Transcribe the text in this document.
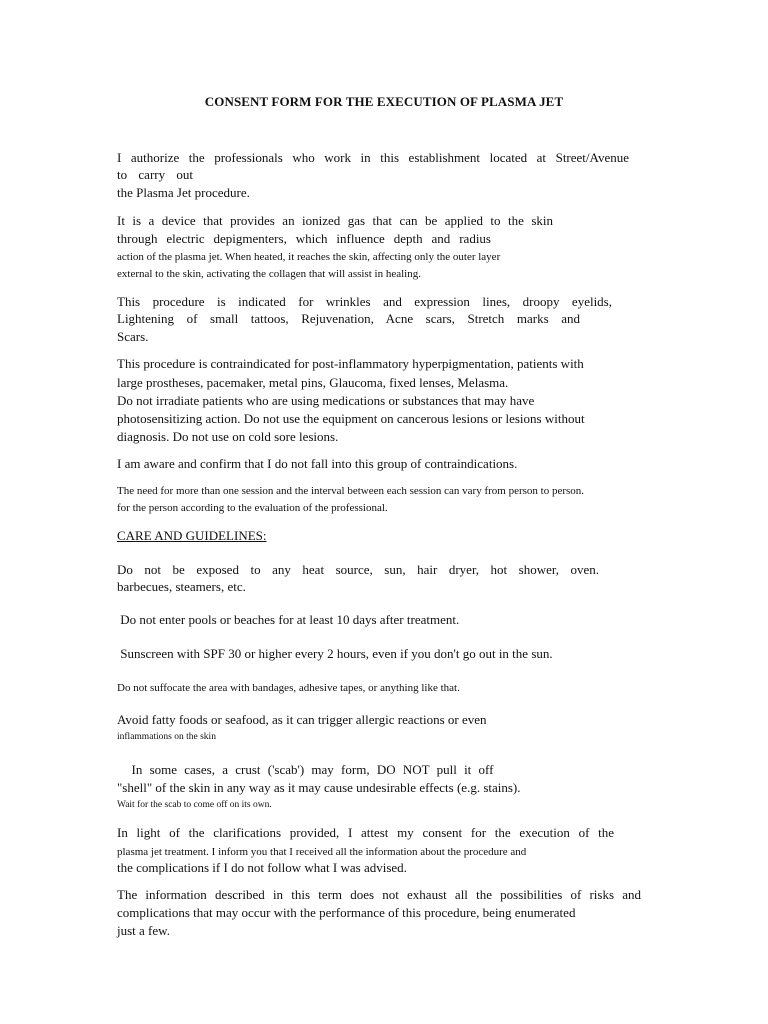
CONSENT FORM FOR THE EXECUTION OF PLASMA JET
I authorize the professionals who work in this establishment located at Street/Avenue
to carry out
the Plasma Jet procedure.
It is a device that provides an ionized gas that can be applied to the skin
through electric depigmenters, which influence depth and radius
action of the plasma jet. When heated, it reaches the skin, affecting only the outer layer
external to the skin, activating the collagen that will assist in healing.
This procedure is indicated for wrinkles and expression lines, droopy eyelids,
Lightening of small tattoos, Rejuvenation, Acne scars, Stretch marks and
Scars.
This procedure is contraindicated for post-inflammatory hyperpigmentation, patients with
large prostheses, pacemaker, metal pins, Glaucoma, fixed lenses, Melasma.
Do not irradiate patients who are using medications or substances that may have
photosensitizing action. Do not use the equipment on cancerous lesions or lesions without
diagnosis. Do not use on cold sore lesions.
I am aware and confirm that I do not fall into this group of contraindications.
The need for more than one session and the interval between each session can vary from person to person.
for the person according to the evaluation of the professional.
CARE AND GUIDELINES:
Do not be exposed to any heat source, sun, hair dryer, hot shower, oven.
barbecues, steamers, etc.
Do not enter pools or beaches for at least 10 days after treatment.
Sunscreen with SPF 30 or higher every 2 hours, even if you don't go out in the sun.
Do not suffocate the area with bandages, adhesive tapes, or anything like that.
Avoid fatty foods or seafood, as it can trigger allergic reactions or even
inflammations on the skin
In some cases, a crust ('scab') may form, DO NOT pull it off
"shell" of the skin in any way as it may cause undesirable effects (e.g. stains).
Wait for the scab to come off on its own.
In light of the clarifications provided, I attest my consent for the execution of the
plasma jet treatment. I inform you that I received all the information about the procedure and
the complications if I do not follow what I was advised.
The information described in this term does not exhaust all the possibilities of risks and
complications that may occur with the performance of this procedure, being enumerated
just a few.
